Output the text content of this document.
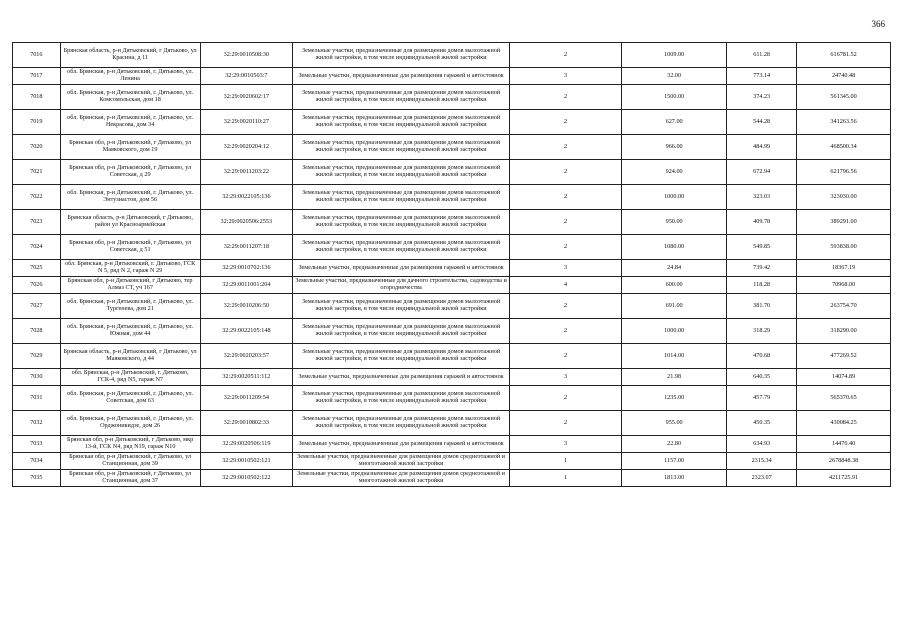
366
7016	Брянская область, р-н Дятьковский, г Дятьково, ул Красина, д 11	32:29:0010508:30	Земельные участки, предназначенные для размещения домов малоэтажной жилой застройки, в том числе индивидуальной жилой застройки	2	1009.00	611.28	616781.52
7017	обл. Брянская, р-н Дятьковский, г. Дятьково, ул. Ленина	32:29:0010503:7	Земельные участки, предназначенные для размещения гаражей и автостоянок	3	32.00	773.14	24740.48
7018	обл. Брянская, р-н Дятьковский, г. Дятьково, ул. Комсомольская, дом 18	32:29:0020602:17	Земельные участки, предназначенные для размещения домов малоэтажной жилой застройки, в том числе индивидуальной жилой застройки	2	1500.00	374.23	561345.00
7019	обл. Брянская, р-н Дятьковский, г. Дятьково, ул. Некрасова, дом 34	32:29:0020110:27	Земельные участки, предназначенные для размещения домов малоэтажной жилой застройки, в том числе индивидуальной жилой застройки	2	627.00	544.28	341263.56
7020	Брянская обл, р-н Дятьковский, г Дятьково, ул Маяковского, дом 19	32:29:0020204:12	Земельные участки, предназначенные для размещения домов малоэтажной жилой застройки, в том числе индивидуальной жилой застройки	2	966.00	484.99	468500.34
7021	Брянская обл, р-н Дятьковский, г Дятьково, ул Советская, д 29	32:29:0011203:22	Земельные участки, предназначенные для размещения домов малоэтажной жилой застройки, в том числе индивидуальной жилой застройки	2	924.00	672.94	621796.56
7022	обл. Брянская, р-н Дятьковский, г. Дятьково, ул. Энтузиастов, дом 56	32:29:0022105:136	Земельные участки, предназначенные для размещения домов малоэтажной жилой застройки, в том числе индивидуальной жилой застройки	2	1000.00	323.03	323030.00
7023	Брянская область, р-н Дятьковский, г Дятьково, район ул Красноармейская	32:29:0020506:2553	Земельные участки, предназначенные для размещения домов малоэтажной жилой застройки, в том числе индивидуальной жилой застройки	2	950.00	409.78	389291.00
7024	Брянская обл, р-н Дятьковский, г Дятьково, ул Советская, д 51	32:29:0011207:18	Земельные участки, предназначенные для размещения домов малоэтажной жилой застройки, в том числе индивидуальной жилой застройки	2	1080.00	549.85	593838.00
7025	обл. Брянская, р-н Дятьковский, г. Дятьково, ГСК N 5, ряд N 2, гараж N 29	32:29:0010702:136	Земельные участки, предназначенные для размещения гаражей и автостоянок	3	24.84	739.42	18367.19
7026	Брянская обл, р-н Дятьковский, г Дятьково, тер Алмаз СТ, уч 167	32:29:0011001:204	Земельные участки, предназначенные для дачного строительства, садоводства и огородничества	4	600.00	118.28	70968.00
7027	обл. Брянская, р-н Дятьковский, г. Дятьково, ул. Тургенева, дом 21	32:29:0010206:50	Земельные участки, предназначенные для размещения домов малоэтажной жилой застройки, в том числе индивидуальной жилой застройки	2	691.00	381.70	263754.70
7028	обл. Брянская, р-н Дятьковский, г. Дятьково, ул. Южная, дом 44	32:29:0022105:148	Земельные участки, предназначенные для размещения домов малоэтажной жилой застройки, в том числе индивидуальной жилой застройки	2	1000.00	318.29	318290.00
7029	Брянская область, р-н Дятьковский, г Дятьково, ул Маяковского, д 44	32:29:0020203:57	Земельные участки, предназначенные для размещения домов малоэтажной жилой застройки, в том числе индивидуальной жилой застройки	2	1014.00	470.68	477269.52
7030	обл. Брянская, р-н Дятьковский, г. Дятьково, ГСК-4, ряд N5, гараж N7	32:29:0020511:112	Земельные участки, предназначенные для размещения гаражей и автостоянок	3	21.98	640.35	14074.89
7031	обл. Брянская, р-н Дятьковский, г. Дятьково, ул. Советская, дом 63	32:29:0011209:54	Земельные участки, предназначенные для размещения домов малоэтажной жилой застройки, в том числе индивидуальной жилой застройки	2	1235.00	457.79	565370.65
7032	обл. Брянская, р-н Дятьковский, г. Дятьково, ул. Орджоникидзе, дом 26	32:29:0010802:33	Земельные участки, предназначенные для размещения домов малоэтажной жилой застройки, в том числе индивидуальной жилой застройки	2	955.00	450.35	430084.25
7033	Брянская обл, р-н Дятьковский, г Дятьково, мкр 13-й, ГСК N4, ряд N19, гараж N10	32:29:0020506:119	Земельные участки, предназначенные для размещения гаражей и автостоянок	3	22.80	634.93	14476.40
7034	Брянская обл, р-н Дятьковский, г Дятьково, ул Станционная, дом 39	32:29:0010502:121	Земельные участки, предназначенные для размещения домов среднеэтажной и многоэтажной жилой застройки	1	1157.00	2315.34	2678848.38
7035	Брянская обл, р-н Дятьковский, г Дятьково, ул Станционная, дом 37	32:29:0010502:122	Земельные участки, предназначенные для размещения домов среднеэтажной и многоэтажной жилой застройки	1	1813.00	2323.07	4211725.91
